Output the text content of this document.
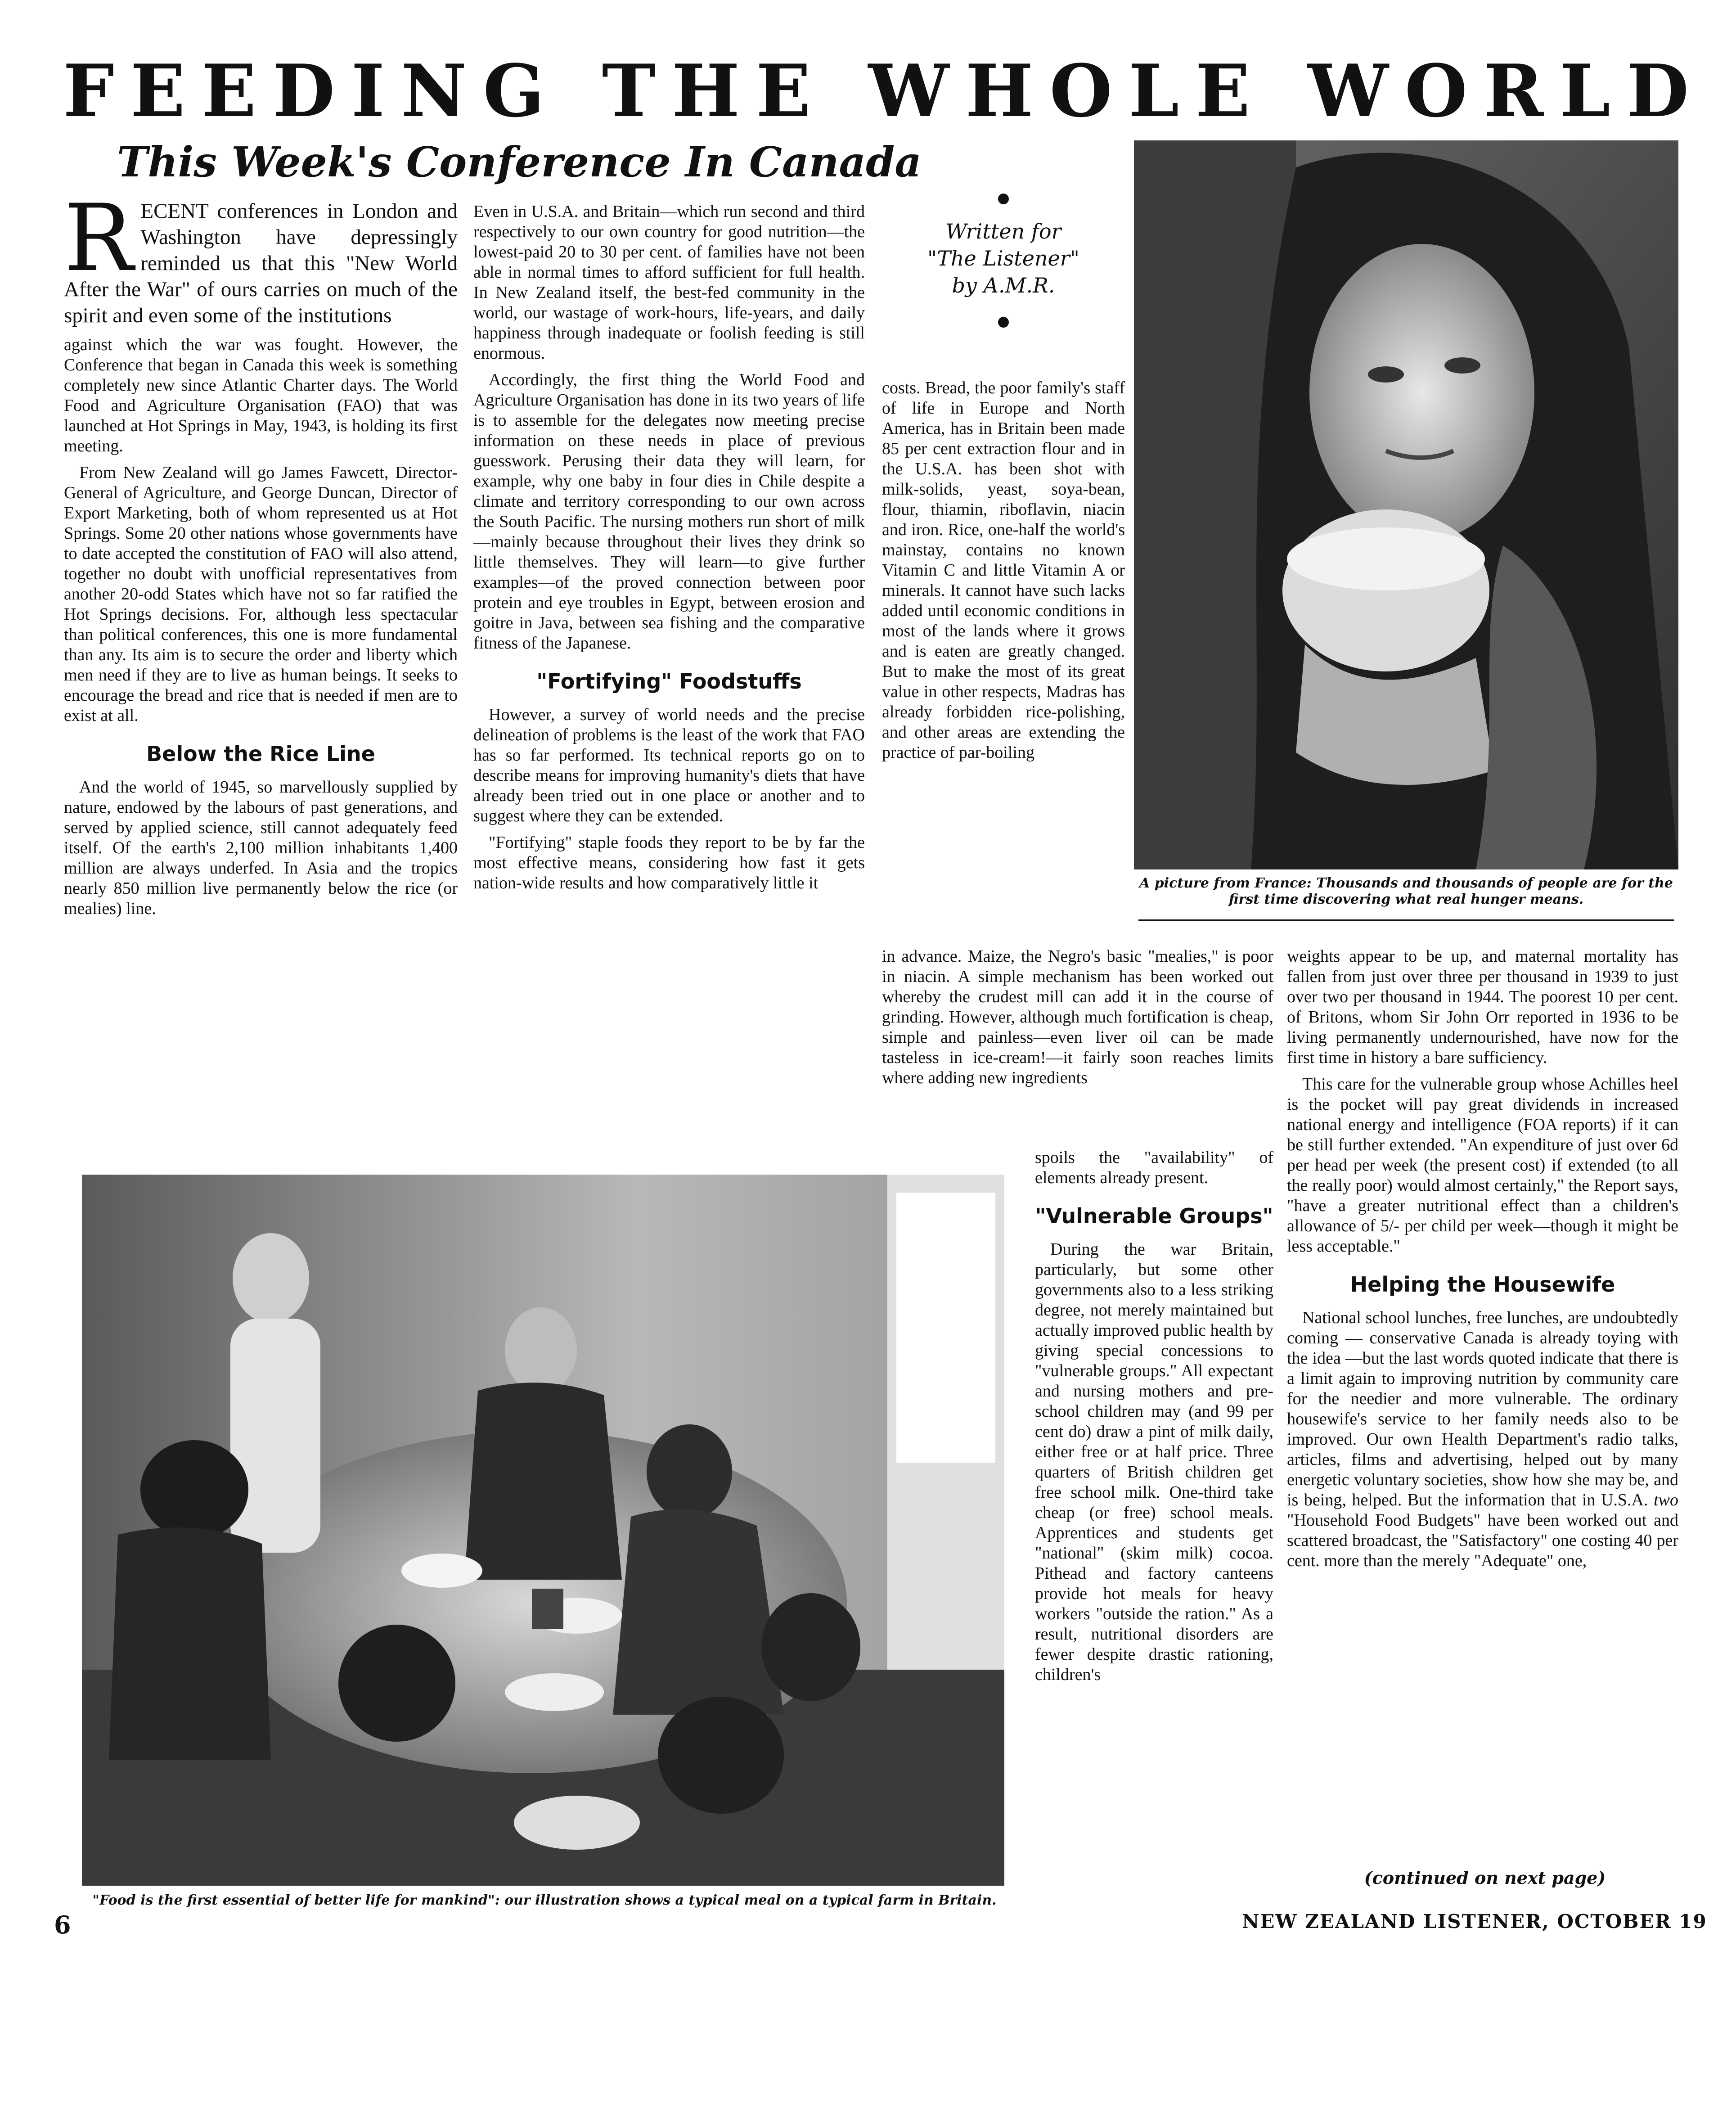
FEEDING THE WHOLE WORLD
This Week's Conference In Canada

RECENT conferences in London and Washington have depressingly reminded us that this "New World After the War" of ours carries on much of the spirit and even some of the institutions

against which the war was fought. However, the Conference that began in Canada this week is something completely new since Atlantic Charter days. The World Food and Agriculture Organisation (FAO) that was launched at Hot Springs in May, 1943, is holding its first meeting.

From New Zealand will go James Fawcett, Director-General of Agriculture, and George Duncan, Director of Export Marketing, both of whom represented us at Hot Springs. Some 20 other nations whose governments have to date accepted the constitution of FAO will also attend, together no doubt with unofficial representatives from another 20-odd States which have not so far ratified the Hot Springs decisions. For, although less spectacular than political conferences, this one is more fundamental than any. Its aim is to secure the order and liberty which men need if they are to live as human beings. It seeks to encourage the bread and rice that is needed if men are to exist at all.

Below the Rice Line

And the world of 1945, so marvellously supplied by nature, endowed by the labours of past generations, and served by applied science, still cannot adequately feed itself. Of the earth's 2,100 million inhabitants 1,400 million are always underfed. In Asia and the tropics nearly 850 million live permanently below the rice (or mealies) line.

Even in U.S.A. and Britain—which run second and third respectively to our own country for good nutrition—the lowest-paid 20 to 30 per cent. of families have not been able in normal times to afford sufficient for full health. In New Zealand itself, the best-fed community in the world, our wastage of work-hours, life-years, and daily happiness through inadequate or foolish feeding is still enormous.

Accordingly, the first thing the World Food and Agriculture Organisation has done in its two years of life is to assemble for the delegates now meeting precise information on these needs in place of previous guesswork. Perusing their data they will learn, for example, why one baby in four dies in Chile despite a climate and territory corresponding to our own across the South Pacific. The nursing mothers run short of milk—mainly because throughout their lives they drink so little themselves. They will learn—to give further examples—of the proved connection between poor protein and eye troubles in Egypt, between erosion and goitre in Java, between sea fishing and the comparative fitness of the Japanese.

"Fortifying" Foodstuffs

However, a survey of world needs and the precise delineation of problems is the least of the work that FAO has so far performed. Its technical reports go on to describe means for improving humanity's diets that have already been tried out in one place or another and to suggest where they can be extended.

"Fortifying" staple foods they report to be by far the most effective means, considering how fast it gets nation-wide results and how comparatively little it

Written for
"The Listener"
by A.M.R.

A picture from France: Thousands and thousands of people are for the first time discovering what real hunger means.

costs. Bread, the poor family's staff of life in Europe and North America, has in Britain been made 85 per cent extraction flour and in the U.S.A. has been shot with milk-solids, yeast, soya-bean, flour, thiamin, riboflavin, niacin and iron. Rice, one-half the world's mainstay, contains no known Vitamin C and little Vitamin A or minerals. It cannot have such lacks added until economic conditions in most of the lands where it grows and is eaten are greatly changed. But to make the most of its great value in other respects, Madras has already forbidden rice-polishing, and other areas are extending the practice of par-boiling

in advance. Maize, the Negro's basic "mealies," is poor in niacin. A simple mechanism has been worked out whereby the crudest mill can add it in the course of grinding. However, although much fortification is cheap, simple and painless—even liver oil can be made tasteless in ice-cream!—it fairly soon reaches limits where adding new ingredients

spoils the "availability" of elements already present.

"Vulnerable Groups"

During the war Britain, particularly, but some other governments also to a less striking degree, not merely maintained but actually improved public health by giving special concessions to "vulnerable groups." All expectant and nursing mothers and pre-school children may (and 99 per cent do) draw a pint of milk daily, either free or at half price. Three quarters of British children get free school milk. One-third take cheap (or free) school meals. Apprentices and students get "national" (skim milk) cocoa. Pithead and factory canteens provide hot meals for heavy workers "outside the ration." As a result, nutritional disorders are fewer despite drastic rationing, children's

weights appear to be up, and maternal mortality has fallen from just over three per thousand in 1939 to just over two per thousand in 1944. The poorest 10 per cent. of Britons, whom Sir John Orr reported in 1936 to be living permanently undernourished, have now for the first time in history a bare sufficiency.

This care for the vulnerable group whose Achilles heel is the pocket will pay great dividends in increased national energy and intelligence (FOA reports) if it can be still further extended. "An expenditure of just over 6d per head per week (the present cost) if extended (to all the really poor) would almost certainly," the Report says, "have a greater nutritional effect than a children's allowance of 5/- per child per week—though it might be less acceptable."

Helping the Housewife

National school lunches, free lunches, are undoubtedly coming — conservative Canada is already toying with the idea —but the last words quoted indicate that there is a limit again to improving nutrition by community care for the needier and more vulnerable. The ordinary housewife's service to her family needs also to be improved. Our own Health Department's radio talks, articles, films and advertising, helped out by many energetic voluntary societies, show how she may be, and is being, helped. But the information that in U.S.A. two "Household Food Budgets" have been worked out and scattered broadcast, the "Satisfactory" one costing 40 per cent. more than the merely "Adequate" one,

(continued on next page)

"Food is the first essential of better life for mankind": our illustration shows a typical meal on a typical farm in Britain.

6	NEW ZEALAND LISTENER, OCTOBER 19
